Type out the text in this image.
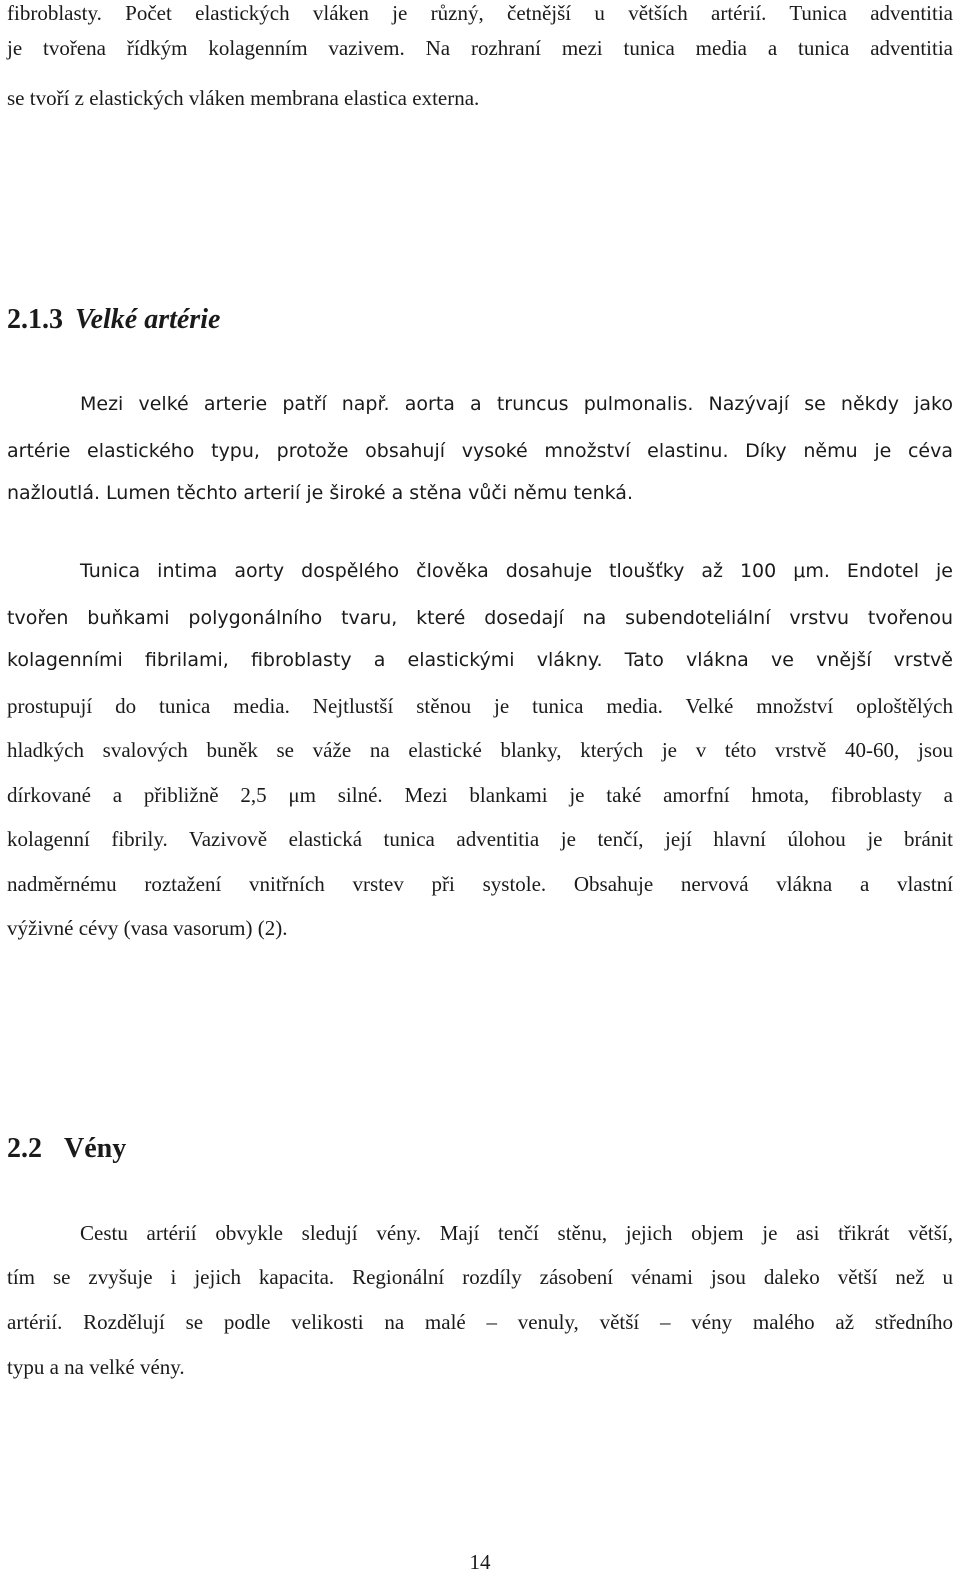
fibroblasty. Počet elastických vláken je různý, četnější u větších artérií. Tunica adventitia

je tvořena řídkým kolagenním vazivem. Na rozhraní mezi tunica media a tunica adventitia

se tvoří z elastických vláken membrana elastica externa.

2.1.3 Velké artérie

Mezi velké arterie patří např. aorta a truncus pulmonalis. Nazývají se někdy jako

artérie elastického typu, protože obsahují vysoké množství elastinu. Díky němu je céva

nažloutlá. Lumen těchto arterií je široké a stěna vůči němu tenká.

Tunica intima aorty dospělého člověka dosahuje tloušťky až 100 μm. Endotel je

tvořen buňkami polygonálního tvaru, které dosedají na subendoteliální vrstvu tvořenou

kolagenními fibrilami, fibroblasty a elastickými vlákny. Tato vlákna ve vnější vrstvě

prostupují do tunica media. Nejtlustší stěnou je tunica media. Velké množství oploštělých

hladkých svalových buněk se váže na elastické blanky, kterých je v této vrstvě 40-60, jsou

dírkované a přibližně 2,5 μm silné. Mezi blankami je také amorfní hmota, fibroblasty a

kolagenní fibrily. Vazivově elastická tunica adventitia je tenčí, její hlavní úlohou je bránit

nadměrnému roztažení vnitřních vrstev při systole. Obsahuje nervová vlákna a vlastní

výživné cévy (vasa vasorum) (2).

2.2 Vény

Cestu artérií obvykle sledují vény. Mají tenčí stěnu, jejich objem je asi třikrát větší,

tím se zvyšuje i jejich kapacita. Regionální rozdíly zásobení vénami jsou daleko větší než u

artérií. Rozdělují se podle velikosti na malé – venuly, větší – vény malého až středního

typu a na velké vény.

14
